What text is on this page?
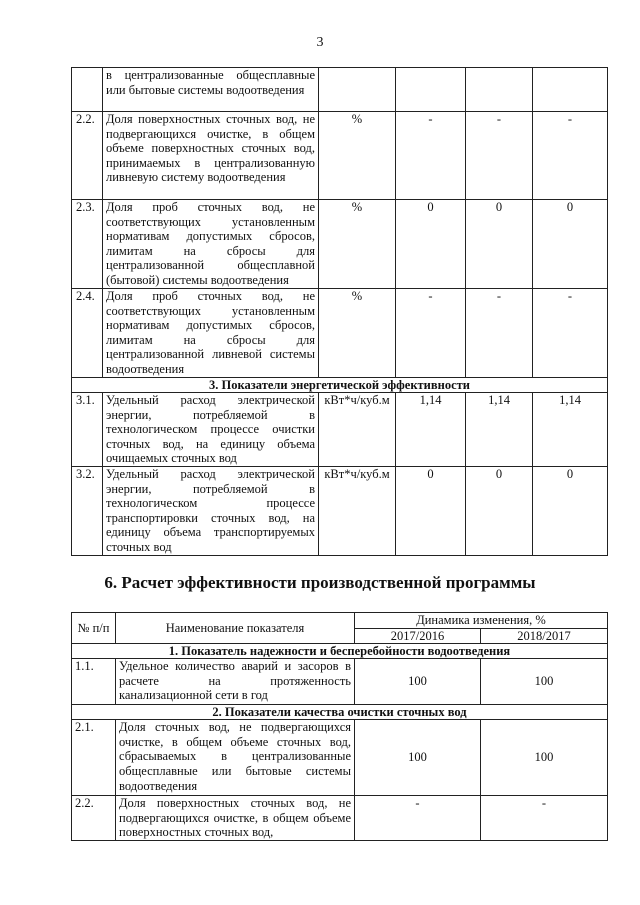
3
	в централизованные общесплавные или бытовые системы водоотведения				
2.2.	Доля поверхностных сточных вод, не подвергающихся очистке, в общем объеме поверхностных сточных вод, принимаемых в централизованную ливневую систему водоотведения	%	-	-	-
2.3.	Доля проб сточных вод, не соответствующих установленным нормативам допустимых сбросов, лимитам на сбросы для централизованной общесплавной (бытовой) системы водоотведения	%	0	0	0
2.4.	Доля проб сточных вод, не соответствующих установленным нормативам допустимых сбросов, лимитам на сбросы для централизованной ливневой системы водоотведения	%	-	-	-
3. Показатели энергетической эффективности					
3.1.	Удельный расход электрической энергии, потребляемой в технологическом процессе очистки сточных вод, на единицу объема очищаемых сточных вод	кВт*ч/куб.м	1,14	1,14	1,14
3.2.	Удельный расход электрической энергии, потребляемой в технологическом процессе транспортировки сточных вод, на единицу объема транспортируемых сточных вод	кВт*ч/куб.м	0	0	0
6. Расчет эффективности производственной программы
№ п/п	Наименование показателя	Динамика изменения, %	
		2017/2016	2018/2017
1. Показатель надежности и бесперебойности водоотведения			
1.1.	Удельное количество аварий и засоров в расчете на протяженность канализационной сети в год	100	100
2. Показатели качества очистки сточных вод			
2.1.	Доля сточных вод, не подвергающихся очистке, в общем объеме сточных вод, сбрасываемых в централизованные общесплавные или бытовые системы водоотведения	100	100
2.2.	Доля поверхностных сточных вод, не подвергающихся очистке, в общем объеме поверхностных сточных вод,	-	-
